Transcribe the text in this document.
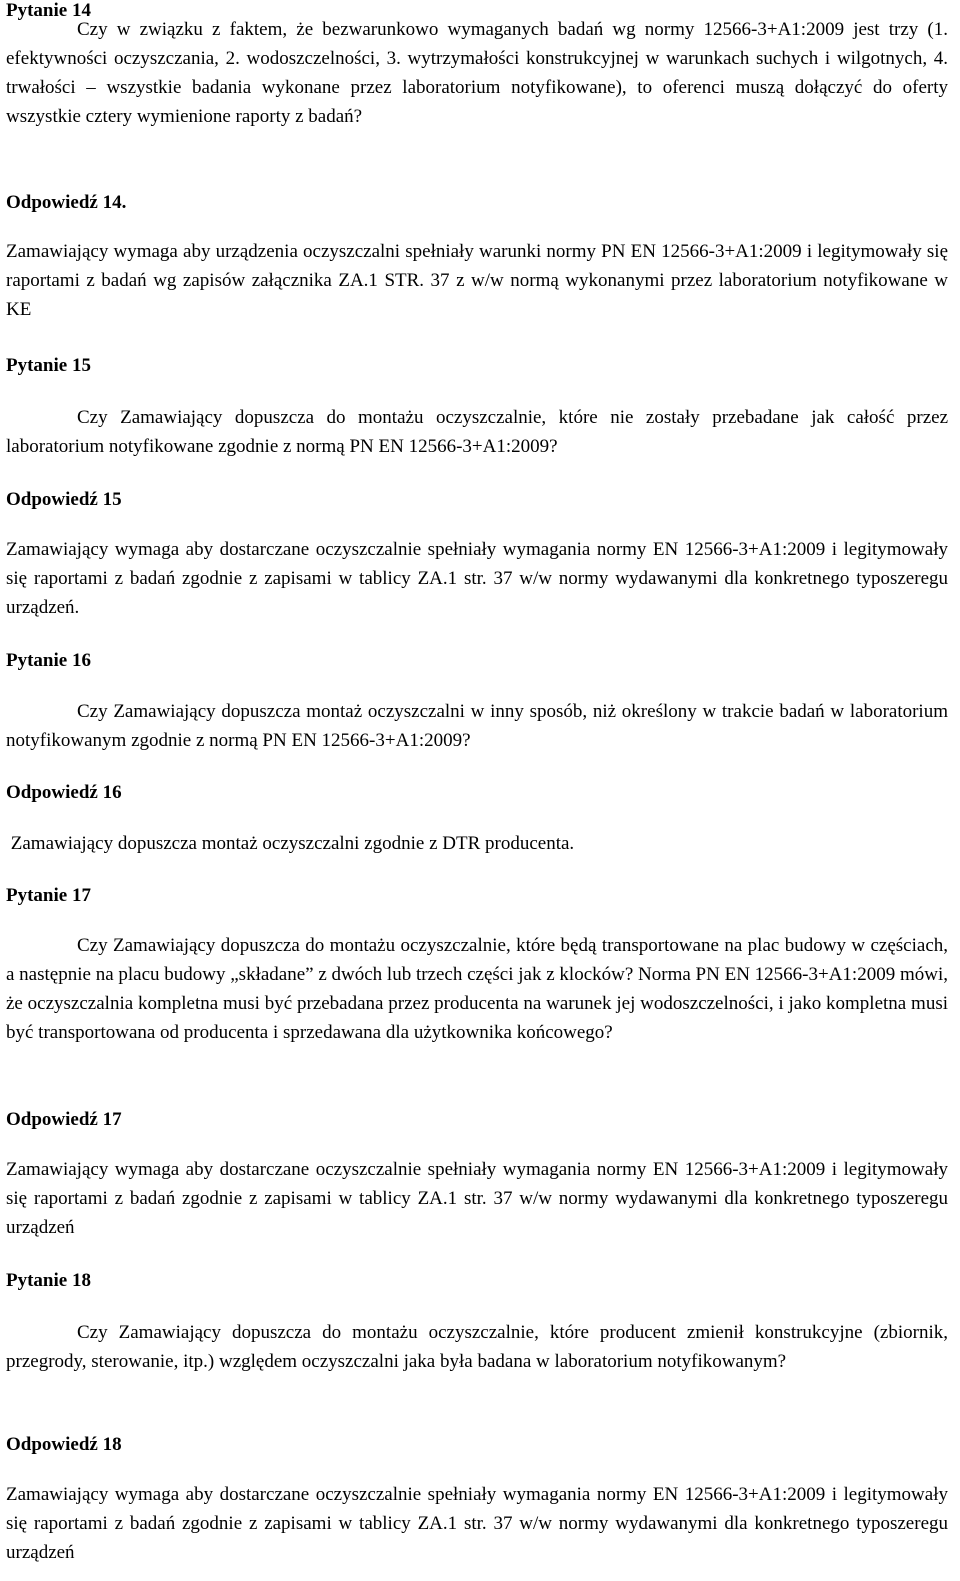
Pytanie 14

Czy w związku z faktem, że bezwarunkowo wymaganych badań wg normy 12566-3+A1:2009 jest trzy (1. efektywności oczyszczania, 2. wodoszczelności, 3. wytrzymałości konstrukcyjnej w warunkach suchych i wilgotnych, 4. trwałości – wszystkie badania wykonane przez laboratorium notyfikowane), to oferenci muszą dołączyć do oferty wszystkie cztery wymienione raporty z badań?

Odpowiedź 14.

Zamawiający wymaga aby urządzenia oczyszczalni spełniały warunki normy PN EN 12566-3+A1:2009 i legitymowały się raportami z badań wg zapisów załącznika ZA.1 STR. 37 z w/w normą wykonanymi przez laboratorium notyfikowane w KE

Pytanie 15

Czy Zamawiający dopuszcza do montażu oczyszczalnie, które nie zostały przebadane jak całość przez laboratorium notyfikowane zgodnie z normą PN EN 12566-3+A1:2009?

Odpowiedź 15

Zamawiający wymaga aby dostarczane oczyszczalnie spełniały wymagania normy EN 12566-3+A1:2009 i legitymowały się raportami z badań zgodnie z zapisami w tablicy ZA.1 str. 37 w/w normy wydawanymi dla konkretnego typoszeregu urządzeń.

Pytanie 16

Czy Zamawiający dopuszcza montaż oczyszczalni w inny sposób, niż określony w trakcie badań w laboratorium notyfikowanym zgodnie z normą PN EN 12566-3+A1:2009?

Odpowiedź 16

Zamawiający dopuszcza montaż oczyszczalni zgodnie z DTR producenta.

Pytanie 17

Czy Zamawiający dopuszcza do montażu oczyszczalnie, które będą transportowane na plac budowy w częściach, a następnie na placu budowy „składane” z dwóch lub trzech części jak z klocków? Norma PN EN 12566-3+A1:2009 mówi, że oczyszczalnia kompletna musi być przebadana przez producenta na warunek jej wodoszczelności, i jako kompletna musi być transportowana od producenta i sprzedawana dla użytkownika końcowego?

Odpowiedź 17

Zamawiający wymaga aby dostarczane oczyszczalnie spełniały wymagania normy EN 12566-3+A1:2009 i legitymowały się raportami z badań zgodnie z zapisami w tablicy ZA.1 str. 37 w/w normy wydawanymi dla konkretnego typoszeregu urządzeń

Pytanie 18

Czy Zamawiający dopuszcza do montażu oczyszczalnie, które producent zmienił konstrukcyjne (zbiornik, przegrody, sterowanie, itp.) względem oczyszczalni jaka była badana w laboratorium notyfikowanym?

Odpowiedź 18

Zamawiający wymaga aby dostarczane oczyszczalnie spełniały wymagania normy EN 12566-3+A1:2009 i legitymowały się raportami z badań zgodnie z zapisami w tablicy ZA.1 str. 37 w/w normy wydawanymi dla konkretnego typoszeregu urządzeń
